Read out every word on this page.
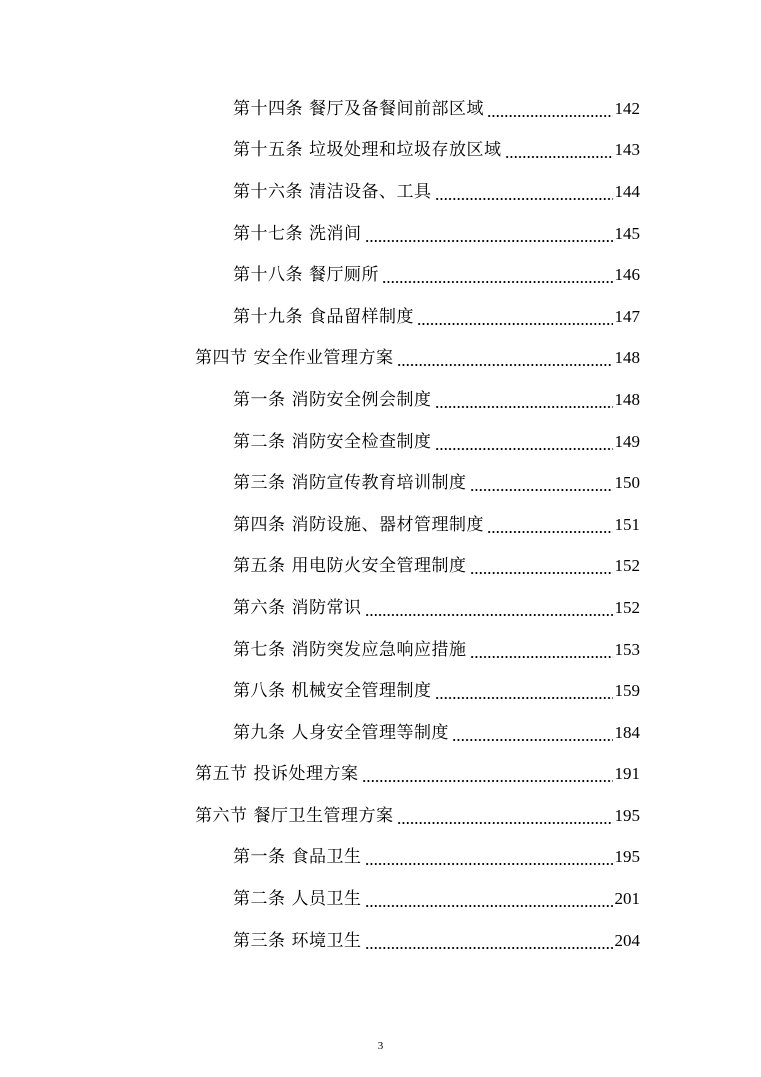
第十四条 餐厅及备餐间前部区域	142
第十五条 垃圾处理和垃圾存放区域	143
第十六条 清洁设备、工具	144
第十七条 洗消间	145
第十八条 餐厅厕所	146
第十九条 食品留样制度	147
第四节 安全作业管理方案	148
第一条 消防安全例会制度	148
第二条 消防安全检查制度	149
第三条 消防宣传教育培训制度	150
第四条 消防设施、器材管理制度	151
第五条 用电防火安全管理制度	152
第六条 消防常识	152
第七条 消防突发应急响应措施	153
第八条 机械安全管理制度	159
第九条 人身安全管理等制度	184
第五节 投诉处理方案	191
第六节 餐厅卫生管理方案	195
第一条 食品卫生	195
第二条 人员卫生	201
第三条 环境卫生	204
3
